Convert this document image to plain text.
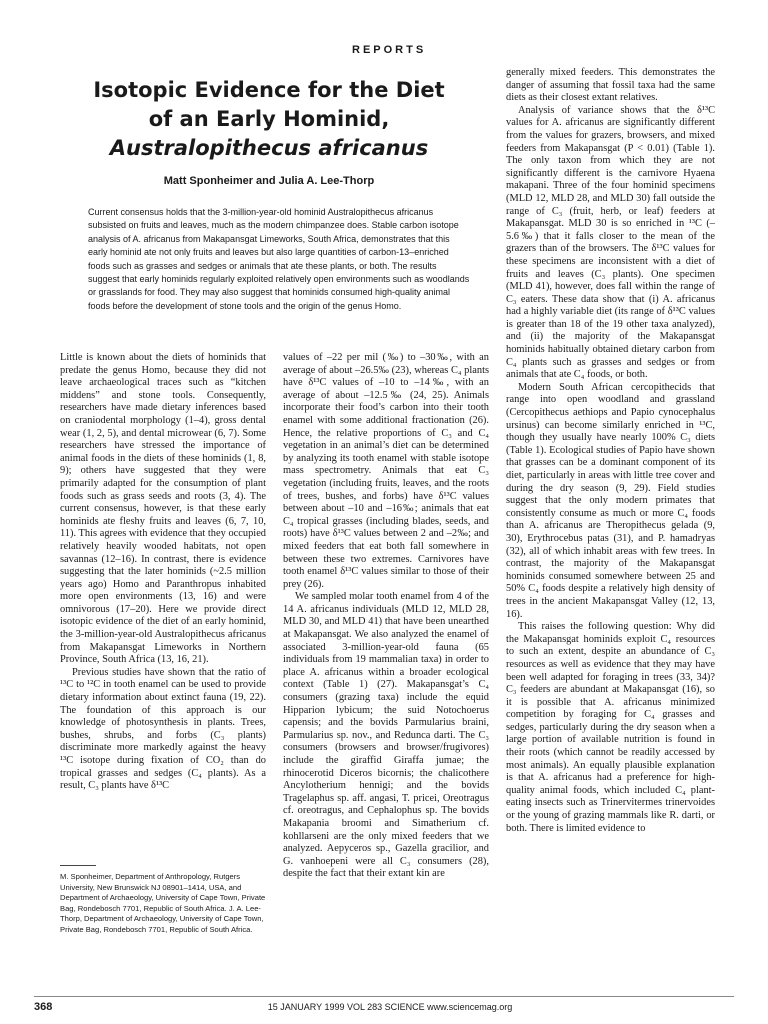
REPORTS
Isotopic Evidence for the Diet
of an Early Hominid,
Australopithecus africanus
Matt Sponheimer and Julia A. Lee-Thorp

Current consensus holds that the 3-million-year-old hominid Australopithecus africanus subsisted on fruits and leaves, much as the modern chimpanzee does. Stable carbon isotope analysis of A. africanus from Makapansgat Limeworks, South Africa, demonstrates that this early hominid ate not only fruits and leaves but also large quantities of carbon-13–enriched foods such as grasses and sedges or animals that ate these plants, or both. The results suggest that early hominids regularly exploited relatively open environments such as woodlands or grasslands for food. They may also suggest that hominids consumed high-quality animal foods before the development of stone tools and the origin of the genus Homo.

Little is known about the diets of hominids that predate the genus Homo, because they did not leave archaeological traces such as “kitchen middens” and stone tools. Consequently, researchers have made dietary inferences based on craniodental morphology (1–4), gross dental wear (1, 2, 5), and dental microwear (6, 7). Some researchers have stressed the importance of animal foods in the diets of these hominids (1, 8, 9); others have suggested that they were primarily adapted for the consumption of plant foods such as grass seeds and roots (3, 4). The current consensus, however, is that these early hominids ate fleshy fruits and leaves (6, 7, 10, 11). This agrees with evidence that they occupied relatively heavily wooded habitats, not open savannas (12–16). In contrast, there is evidence suggesting that the later hominids (~2.5 million years ago) Homo and Paranthropus inhabited more open environments (13, 16) and were omnivorous (17–20). Here we provide direct isotopic evidence of the diet of an early hominid, the 3-million-year-old Australopithecus africanus from Makapansgat Limeworks in Northern Province, South Africa (13, 16, 21).

Previous studies have shown that the ratio of ¹³C to ¹²C in tooth enamel can be used to provide dietary information about extinct fauna (19, 22). The foundation of this approach is our knowledge of photosynthesis in plants. Trees, bushes, shrubs, and forbs (C₃ plants) discriminate more markedly against the heavy ¹³C isotope during fixation of CO₂ than do tropical grasses and sedges (C₄ plants). As a result, C₃ plants have δ¹³C

values of –22 per mil (‰) to –30‰, with an average of about –26.5‰ (23), whereas C₄ plants have δ¹³C values of –10 to –14‰, with an average of about –12.5‰ (24, 25). Animals incorporate their food’s carbon into their tooth enamel with some additional fractionation (26). Hence, the relative proportions of C₃ and C₄ vegetation in an animal’s diet can be determined by analyzing its tooth enamel with stable isotope mass spectrometry. Animals that eat C₃ vegetation (including fruits, leaves, and the roots of trees, bushes, and forbs) have δ¹³C values between about –10 and –16‰; animals that eat C₄ tropical grasses (including blades, seeds, and roots) have δ¹³C values between 2 and –2‰; and mixed feeders that eat both fall somewhere in between these two extremes. Carnivores have tooth enamel δ¹³C values similar to those of their prey (26).

We sampled molar tooth enamel from 4 of the 14 A. africanus individuals (MLD 12, MLD 28, MLD 30, and MLD 41) that have been unearthed at Makapansgat. We also analyzed the enamel of associated 3-million-year-old fauna (65 individuals from 19 mammalian taxa) in order to place A. africanus within a broader ecological context (Table 1) (27). Makapansgat’s C₄ consumers (grazing taxa) include the equid Hipparion lybicum; the suid Notochoerus capensis; and the bovids Parmularius braini, Parmularius sp. nov., and Redunca darti. The C₃ consumers (browsers and browser/frugivores) include the giraffid Giraffa jumae; the rhinocerotid Diceros bicornis; the chalicothere Ancylotherium hennigi; and the bovids Tragelaphus sp. aff. angasi, T. pricei, Oreotragus cf. oreotragus, and Cephalophus sp. The bovids Makapania broomi and Simatherium cf. kohllarseni are the only mixed feeders that we analyzed. Aepyceros sp., Gazella gracilior, and G. vanhoepeni were all C₃ consumers (28), despite the fact that their extant kin are

generally mixed feeders. This demonstrates the danger of assuming that fossil taxa had the same diets as their closest extant relatives.

Analysis of variance shows that the δ¹³C values for A. africanus are significantly different from the values for grazers, browsers, and mixed feeders from Makapansgat (P < 0.01) (Table 1). The only taxon from which they are not significantly different is the carnivore Hyaena makapani. Three of the four hominid specimens (MLD 12, MLD 28, and MLD 30) fall outside the range of C₃ (fruit, herb, or leaf) feeders at Makapansgat. MLD 30 is so enriched in ¹³C (–5.6‰) that it falls closer to the mean of the grazers than of the browsers. The δ¹³C values for these specimens are inconsistent with a diet of fruits and leaves (C₃ plants). One specimen (MLD 41), however, does fall within the range of C₃ eaters. These data show that (i) A. africanus had a highly variable diet (its range of δ¹³C values is greater than 18 of the 19 other taxa analyzed), and (ii) the majority of the Makapansgat hominids habitually obtained dietary carbon from C₄ plants such as grasses and sedges or from animals that ate C₄ foods, or both.

Modern South African cercopithecids that range into open woodland and grassland (Cercopithecus aethiops and Papio cynocephalus ursinus) can become similarly enriched in ¹³C, though they usually have nearly 100% C₃ diets (Table 1). Ecological studies of Papio have shown that grasses can be a dominant component of its diet, particularly in areas with little tree cover and during the dry season (9, 29). Field studies suggest that the only modern primates that consistently consume as much or more C₄ foods than A. africanus are Theropithecus gelada (9, 30), Erythrocebus patas (31), and P. hamadryas (32), all of which inhabit areas with few trees. In contrast, the majority of the Makapansgat hominids consumed somewhere between 25 and 50% C₄ foods despite a relatively high density of trees in the ancient Makapansgat Valley (12, 13, 16).

This raises the following question: Why did the Makapansgat hominids exploit C₄ resources to such an extent, despite an abundance of C₃ resources as well as evidence that they may have been well adapted for foraging in trees (33, 34)? C₃ feeders are abundant at Makapansgat (16), so it is possible that A. africanus minimized competition by foraging for C₄ grasses and sedges, particularly during the dry season when a large portion of available nutrition is found in their roots (which cannot be readily accessed by most animals). An equally plausible explanation is that A. africanus had a preference for high-quality animal foods, which included C₄ plant-eating insects such as Trinervitermes trinervoides or the young of grazing mammals like R. darti, or both. There is limited evidence to

M. Sponheimer, Department of Anthropology, Rutgers University, New Brunswick NJ 08901–1414, USA, and Department of Archaeology, University of Cape Town, Private Bag, Rondebosch 7701, Republic of South Africa. J. A. Lee-Thorp, Department of Archaeology, University of Cape Town, Private Bag, Rondebosch 7701, Republic of South Africa.

368	15 JANUARY 1999 VOL 283 SCIENCE www.sciencemag.org
